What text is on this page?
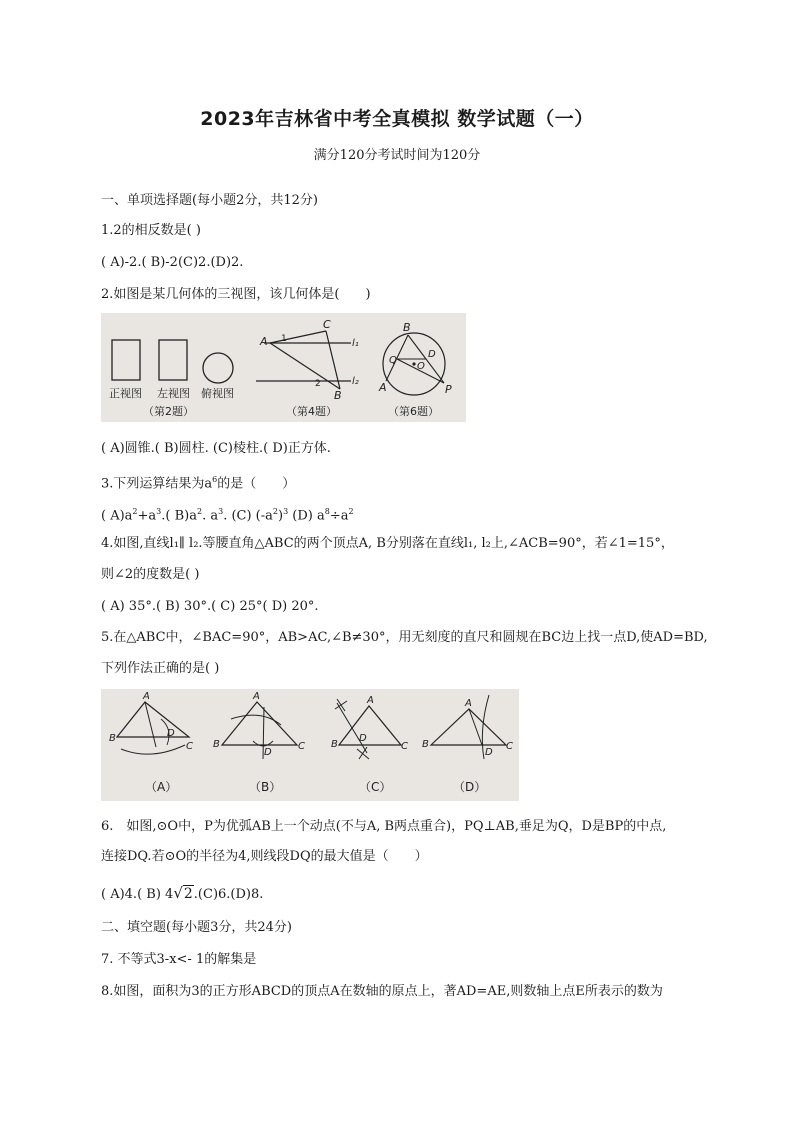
2023年吉林省中考全真模拟 数学试题（一）
满分120分考试时间为120分
一、单项选择题(每小题2分，共12分)
1.2的相反数是( )
( A)-2.( B)-2(C)2.(D)2.
2.如图是某几何体的三视图，该几何体是(　　)
正视图 左视图 俯视图
（第2题）
A
C
B
1
2
l₁
l₂
（第4题）
B
A	P
Q
O
D
（第6题）
( A)圆锥.( B)圆柱. (C)棱柱.( D)正方体.
3.下列运算结果为$a^6$的是（　　）
( $A)a^2+a^3$.( $B)a^2$. $a^3$. (C) $(-a^2)^3$ (D) $a^8\div a^2$
4.如图,直线l₁∥ l₂.等腰直角△ABC的两个顶点A, B分别落在直线l₁, l₂上,∠ACB=90°，若∠1=15°，
则∠2的度数是( )
( A) 35°.( B) 30°.( C) 25°( D) 20°.
5.在△ABC中，∠BAC=90°，AB>AC,∠B≠30°，用无刻度的直尺和圆规在BC边上找一点D,使AD=BD,
下列作法正确的是( )
B
A
C
D
（A）
B
A
C
D
（B）
B
A
C
D
（C）
B
A
C
D
（D）
6.　如图,⊙O中，P为优弧AB上一个动点(不与A, B两点重合)，PQ⊥AB,垂足为Q，D是BP的中点,
连接DQ.若⊙O的半径为4,则线段DQ的最大值是（　　）
( A)4.( B) 4√2.(C)6.(D)8.
二、填空题(每小题3分，共24分)
7. 不等式3-x<- 1的解集是
8.如图，面积为3的正方形ABCD的顶点A在数轴的原点上，著AD=AE,则数轴上点E所表示的数为
